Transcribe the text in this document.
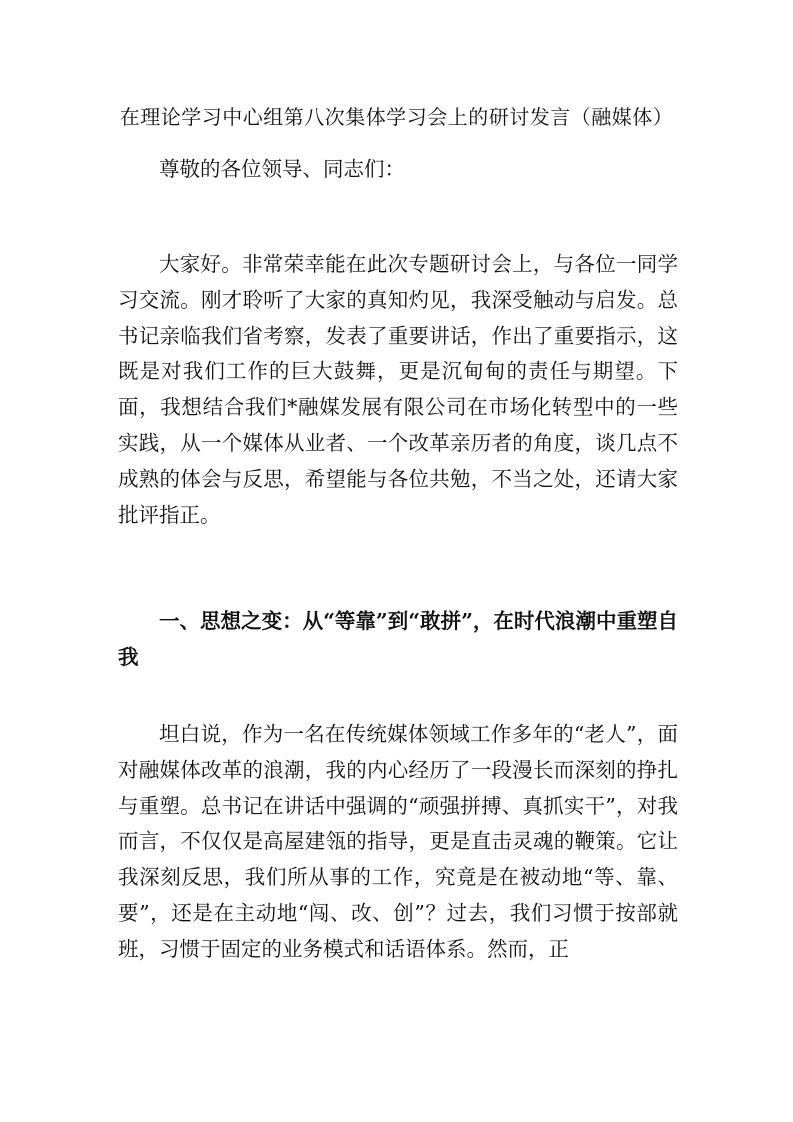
在理论学习中心组第八次集体学习会上的研讨发言（融媒体）

尊敬的各位领导、同志们：

大家好。非常荣幸能在此次专题研讨会上，与各位一同学习交流。刚才聆听了大家的真知灼见，我深受触动与启发。总书记亲临我们省考察，发表了重要讲话，作出了重要指示，这既是对我们工作的巨大鼓舞，更是沉甸甸的责任与期望。下面，我想结合我们*融媒发展有限公司在市场化转型中的一些实践，从一个媒体从业者、一个改革亲历者的角度，谈几点不成熟的体会与反思，希望能与各位共勉，不当之处，还请大家批评指正。

一、思想之变：从“等靠”到“敢拼”，在时代浪潮中重塑自我

坦白说，作为一名在传统媒体领域工作多年的“老人”，面对融媒体改革的浪潮，我的内心经历了一段漫长而深刻的挣扎与重塑。总书记在讲话中强调的“顽强拼搏、真抓实干”，对我而言，不仅仅是高屋建瓴的指导，更是直击灵魂的鞭策。它让我深刻反思，我们所从事的工作，究竟是在被动地“等、靠、要”，还是在主动地“闯、改、创”？过去，我们习惯于按部就班，习惯于固定的业务模式和话语体系。然而，正
